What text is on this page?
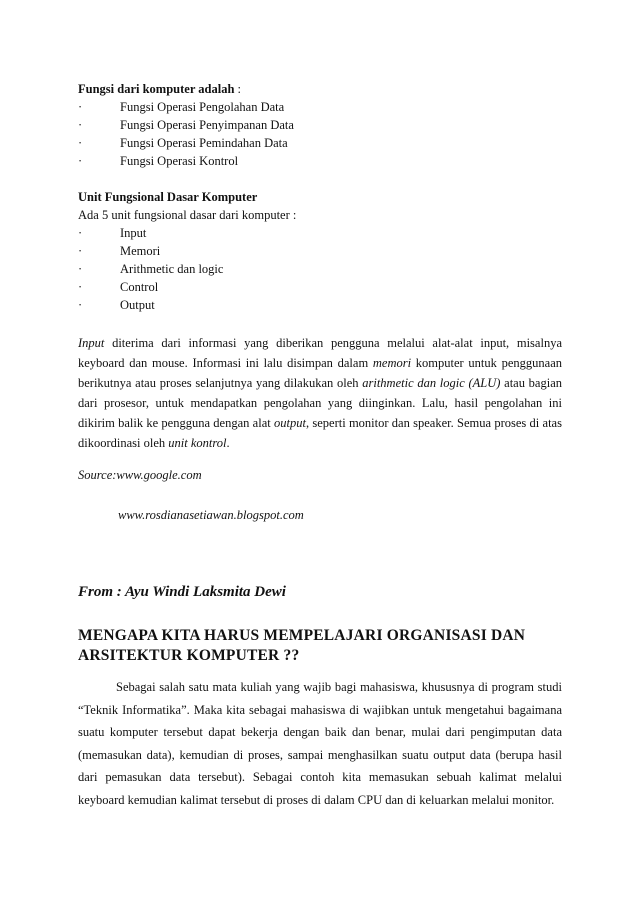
Fungsi dari komputer adalah :
·	Fungsi Operasi Pengolahan Data
·	Fungsi Operasi Penyimpanan Data
·	Fungsi Operasi Pemindahan Data
·	Fungsi Operasi Kontrol
Unit Fungsional Dasar Komputer
Ada 5 unit fungsional dasar dari komputer :
·	Input
·	Memori
·	Arithmetic dan logic
·	Control
·	Output
Input diterima dari informasi yang diberikan pengguna melalui alat-alat input, misalnya keyboard dan mouse. Informasi ini lalu disimpan dalam memori komputer untuk penggunaan berikutnya atau proses selanjutnya yang dilakukan oleh arithmetic dan logic (ALU) atau bagian dari prosesor, untuk mendapatkan pengolahan yang diinginkan. Lalu, hasil pengolahan ini dikirim balik ke pengguna dengan alat output, seperti monitor dan speaker. Semua proses di atas dikoordinasi oleh unit kontrol.
Source:www.google.com
www.rosdianasetiawan.blogspot.com
From : Ayu Windi Laksmita Dewi
MENGAPA KITA HARUS MEMPELAJARI ORGANISASI DAN
ARSITEKTUR KOMPUTER ??
Sebagai salah satu mata kuliah yang wajib bagi mahasiswa, khususnya di program studi “Teknik Informatika”. Maka kita sebagai mahasiswa di wajibkan untuk mengetahui bagaimana suatu komputer tersebut dapat bekerja dengan baik dan benar, mulai dari pengimputan data (memasukan data), kemudian di proses, sampai menghasilkan suatu output data (berupa hasil dari pemasukan data tersebut). Sebagai contoh kita memasukan sebuah kalimat melalui keyboard kemudian kalimat tersebut di proses di dalam CPU dan di keluarkan melalui monitor.
